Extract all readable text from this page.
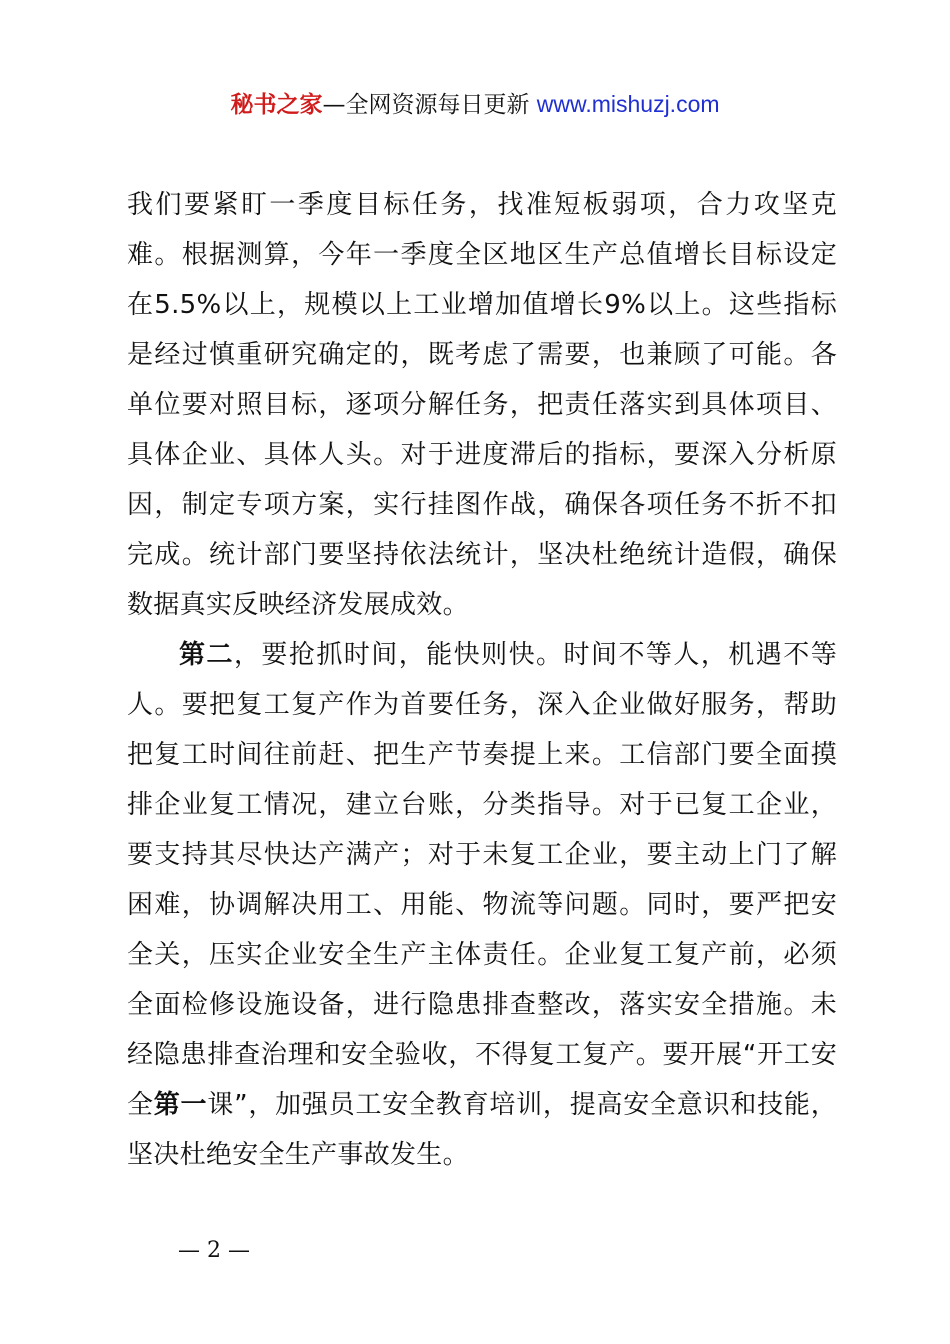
秘书之家—全网资源每日更新 www.mishuzj.com

我们要紧盯一季度目标任务，找准短板弱项，合力攻坚克难。根据测算，今年一季度全区地区生产总值增长目标设定在5.5%以上，规模以上工业增加值增长9%以上。这些指标是经过慎重研究确定的，既考虑了需要，也兼顾了可能。各单位要对照目标，逐项分解任务，把责任落实到具体项目、具体企业、具体人头。对于进度滞后的指标，要深入分析原因，制定专项方案，实行挂图作战，确保各项任务不折不扣完成。统计部门要坚持依法统计，坚决杜绝统计造假，确保数据真实反映经济发展成效。

第二，要抢抓时间，能快则快。时间不等人，机遇不等人。要把复工复产作为首要任务，深入企业做好服务，帮助把复工时间往前赶、把生产节奏提上来。工信部门要全面摸排企业复工情况，建立台账，分类指导。对于已复工企业，要支持其尽快达产满产；对于未复工企业，要主动上门了解困难，协调解决用工、用能、物流等问题。同时，要严把安全关，压实企业安全生产主体责任。企业复工复产前，必须全面检修设施设备，进行隐患排查整改，落实安全措施。未经隐患排查治理和安全验收，不得复工复产。要开展“开工安全第一课”，加强员工安全教育培训，提高安全意识和技能，坚决杜绝安全生产事故发生。

— 2 —
